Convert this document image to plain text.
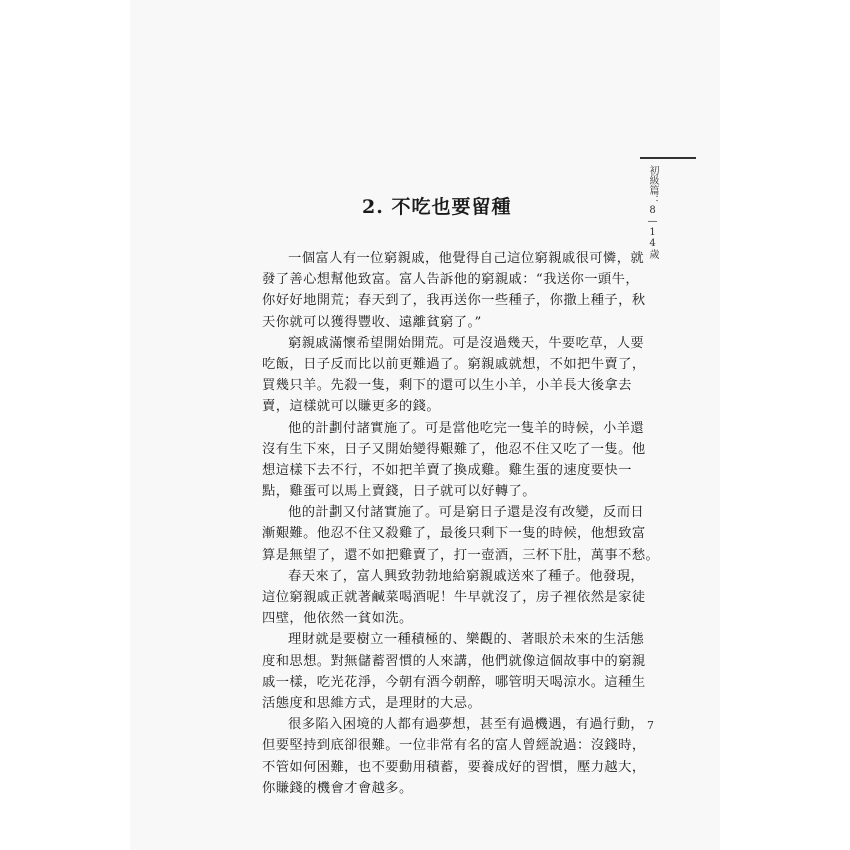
初級篇：8—14歲
2. 不吃也要留種
一個富人有一位窮親戚，他覺得自己這位窮親戚很可憐，就
發了善心想幫他致富。富人告訴他的窮親戚：“我送你一頭牛，
你好好地開荒；春天到了，我再送你一些種子，你撒上種子，秋
天你就可以獲得豐收、遠離貧窮了。”
窮親戚滿懷希望開始開荒。可是沒過幾天，牛要吃草，人要
吃飯，日子反而比以前更難過了。窮親戚就想，不如把牛賣了，
買幾只羊。先殺一隻，剩下的還可以生小羊，小羊長大後拿去
賣，這樣就可以賺更多的錢。
他的計劃付諸實施了。可是當他吃完一隻羊的時候，小羊還
沒有生下來，日子又開始變得艱難了，他忍不住又吃了一隻。他
想這樣下去不行，不如把羊賣了換成雞。雞生蛋的速度要快一
點，雞蛋可以馬上賣錢，日子就可以好轉了。
他的計劃又付諸實施了。可是窮日子還是沒有改變，反而日
漸艱難。他忍不住又殺雞了，最後只剩下一隻的時候，他想致富
算是無望了，還不如把雞賣了，打一壺酒，三杯下肚，萬事不愁。
春天來了，富人興致勃勃地給窮親戚送來了種子。他發現，
這位窮親戚正就著鹹菜喝酒呢！牛早就沒了，房子裡依然是家徒
四壁，他依然一貧如洗。
理財就是要樹立一種積極的、樂觀的、著眼於未來的生活態
度和思想。對無儲蓄習慣的人來講，他們就像這個故事中的窮親
戚一樣，吃光花淨，今朝有酒今朝醉，哪管明天喝涼水。這種生
活態度和思維方式，是理財的大忌。
很多陷入困境的人都有過夢想，甚至有過機遇，有過行動，
但要堅持到底卻很難。一位非常有名的富人曾經說過：沒錢時，
不管如何困難，也不要動用積蓄，要養成好的習慣，壓力越大，
你賺錢的機會才會越多。
7
